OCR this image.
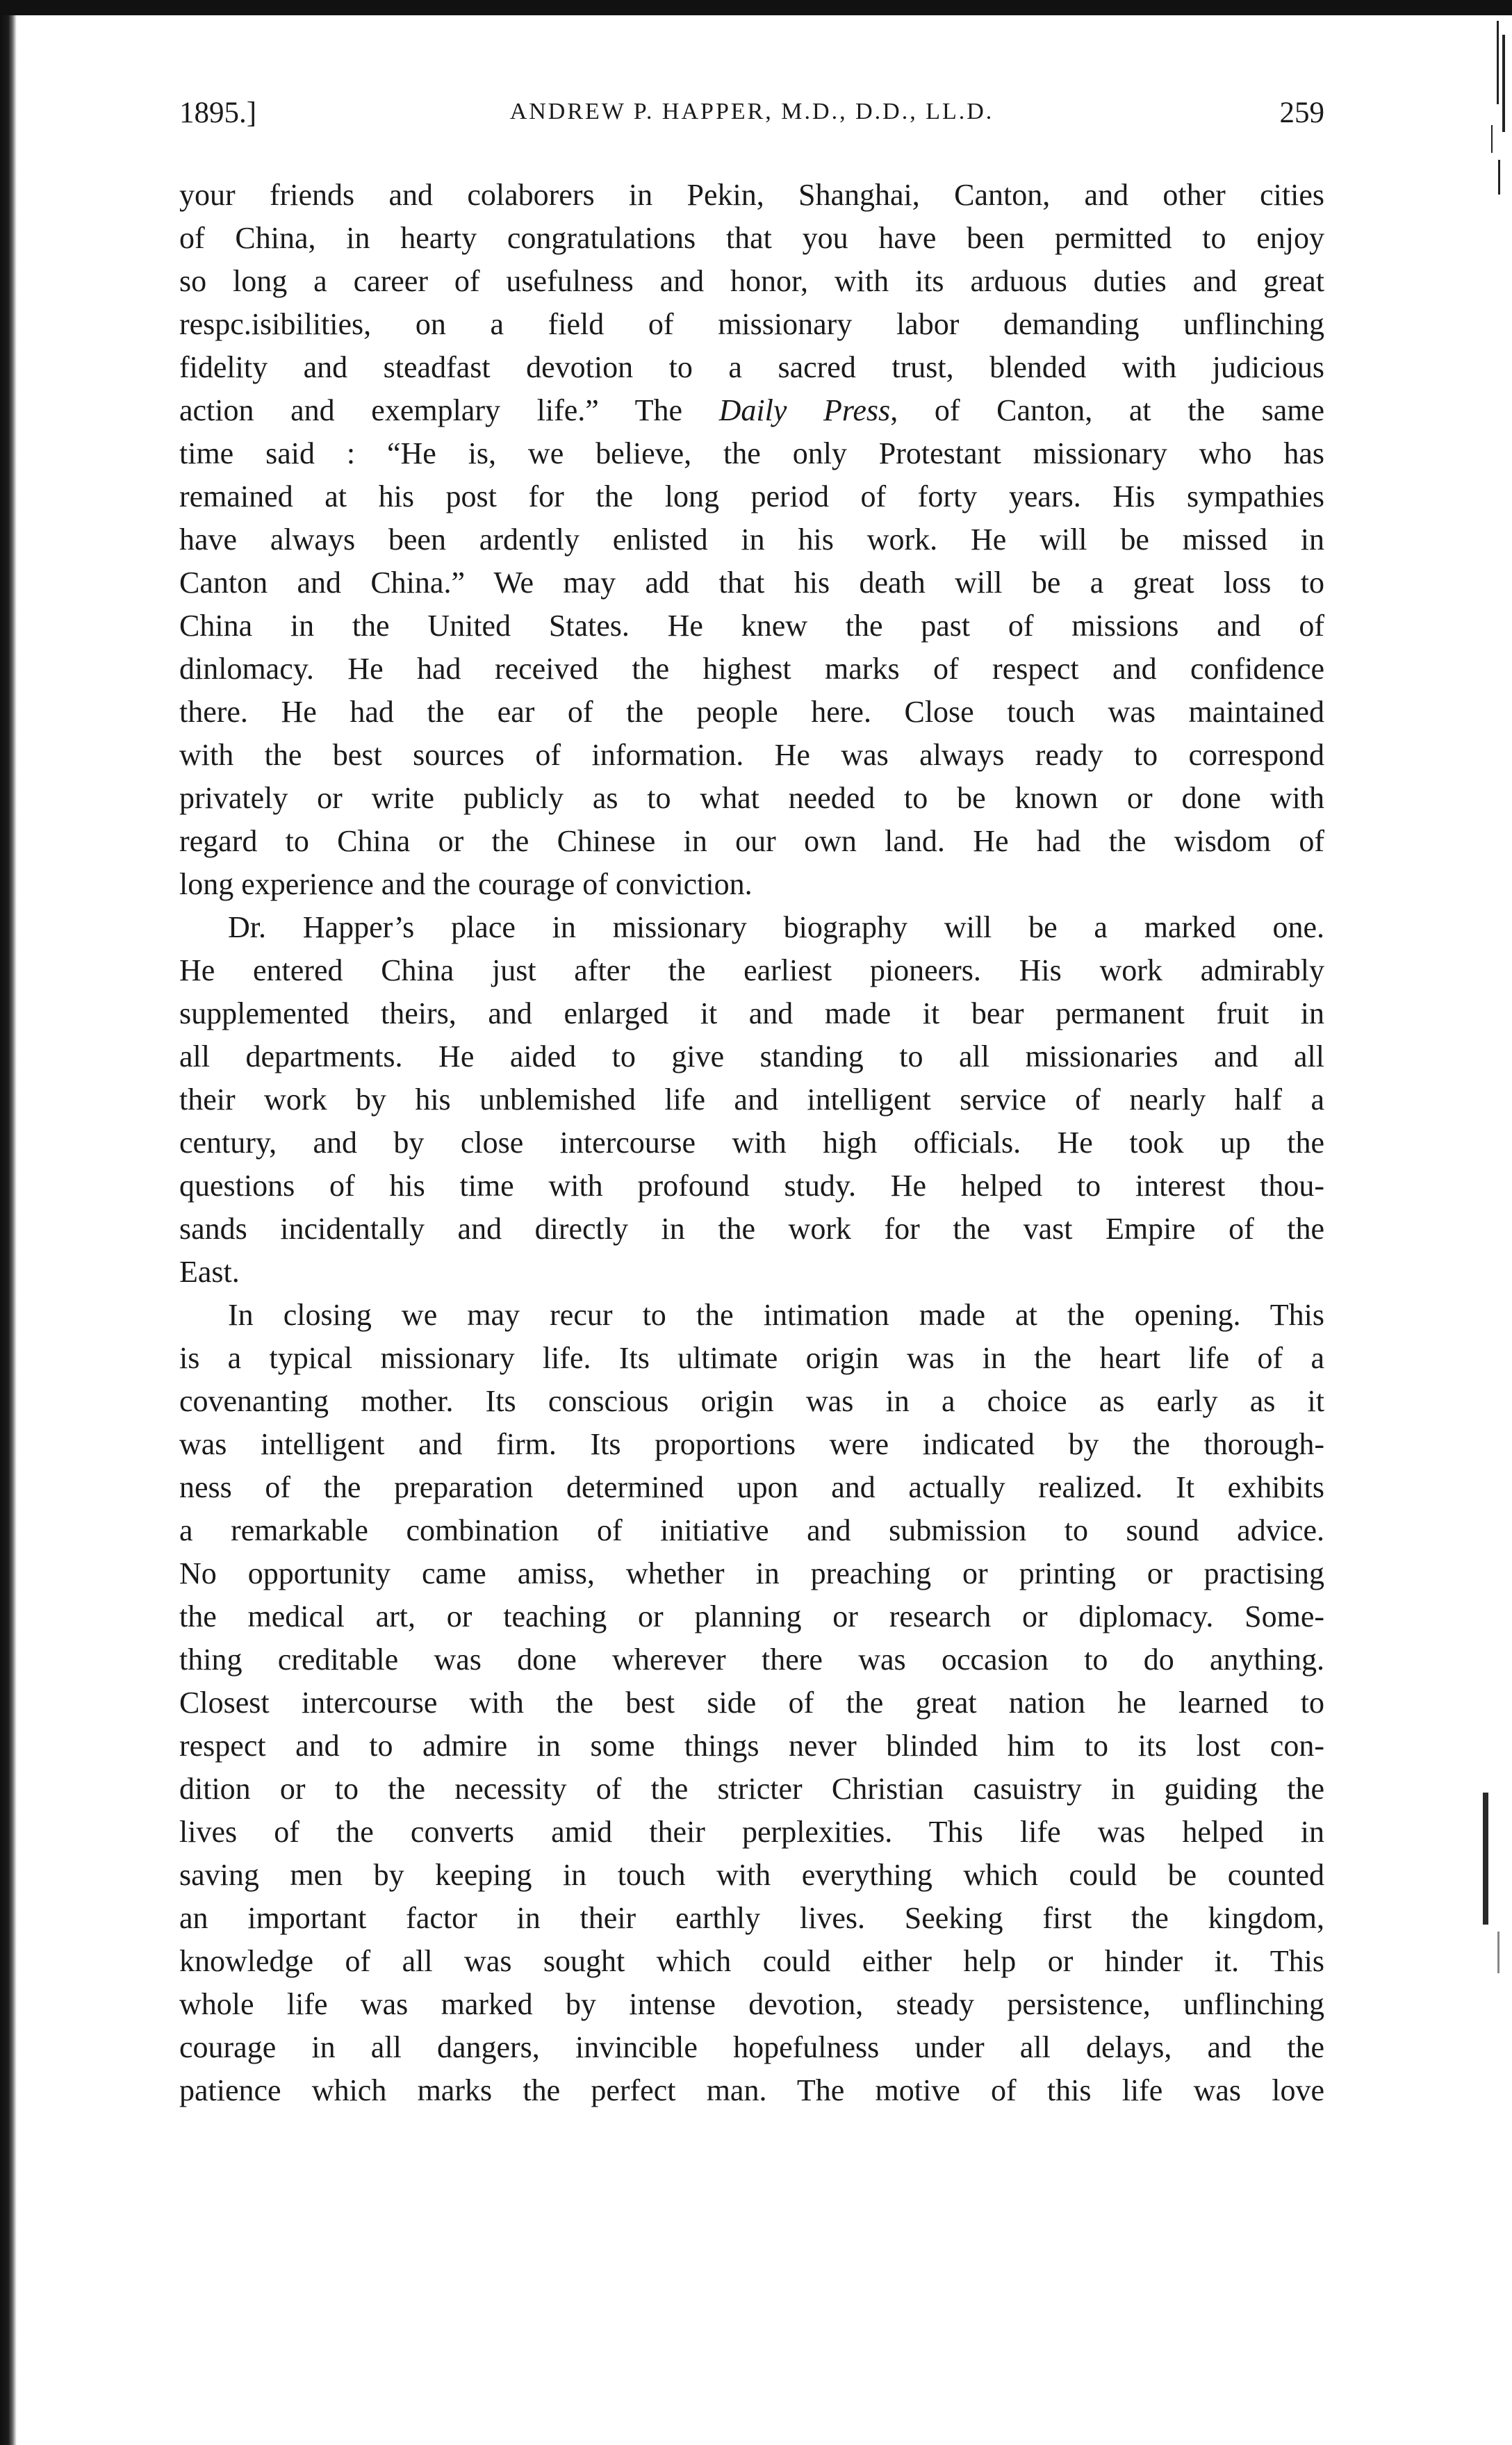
1895.]	ANDREW P. HAPPER, M.D., D.D., LL.D.	259
your friends and colaborers in Pekin, Shanghai, Canton, and other cities
of China, in hearty congratulations that you have been permitted to enjoy
so long a career of usefulness and honor, with its arduous duties and great
respc.isibilities, on a field of missionary labor demanding unflinching
fidelity and steadfast devotion to a sacred trust, blended with judicious
action and exemplary life.” The Daily Press, of Canton, at the same
time said : “He is, we believe, the only Protestant missionary who has
remained at his post for the long period of forty years. His sympathies
have always been ardently enlisted in his work. He will be missed in
Canton and China.” We may add that his death will be a great loss to
China in the United States. He knew the past of missions and of
dinlomacy. He had received the highest marks of respect and confidence
there. He had the ear of the people here. Close touch was maintained
with the best sources of information. He was always ready to correspond
privately or write publicly as to what needed to be known or done with
regard to China or the Chinese in our own land. He had the wisdom of
long experience and the courage of conviction.
Dr. Happer’s place in missionary biography will be a marked one.
He entered China just after the earliest pioneers. His work admirably
supplemented theirs, and enlarged it and made it bear permanent fruit in
all departments. He aided to give standing to all missionaries and all
their work by his unblemished life and intelligent service of nearly half a
century, and by close intercourse with high officials. He took up the
questions of his time with profound study. He helped to interest thou-
sands incidentally and directly in the work for the vast Empire of the
East.
In closing we may recur to the intimation made at the opening. This
is a typical missionary life. Its ultimate origin was in the heart life of a
covenanting mother. Its conscious origin was in a choice as early as it
was intelligent and firm. Its proportions were indicated by the thorough-
ness of the preparation determined upon and actually realized. It exhibits
a remarkable combination of initiative and submission to sound advice.
No opportunity came amiss, whether in preaching or printing or practising
the medical art, or teaching or planning or research or diplomacy. Some-
thing creditable was done wherever there was occasion to do anything.
Closest intercourse with the best side of the great nation he learned to
respect and to admire in some things never blinded him to its lost con-
dition or to the necessity of the stricter Christian casuistry in guiding the
lives of the converts amid their perplexities. This life was helped in
saving men by keeping in touch with everything which could be counted
an important factor in their earthly lives. Seeking first the kingdom,
knowledge of all was sought which could either help or hinder it. This
whole life was marked by intense devotion, steady persistence, unflinching
courage in all dangers, invincible hopefulness under all delays, and the
patience which marks the perfect man. The motive of this life was love
